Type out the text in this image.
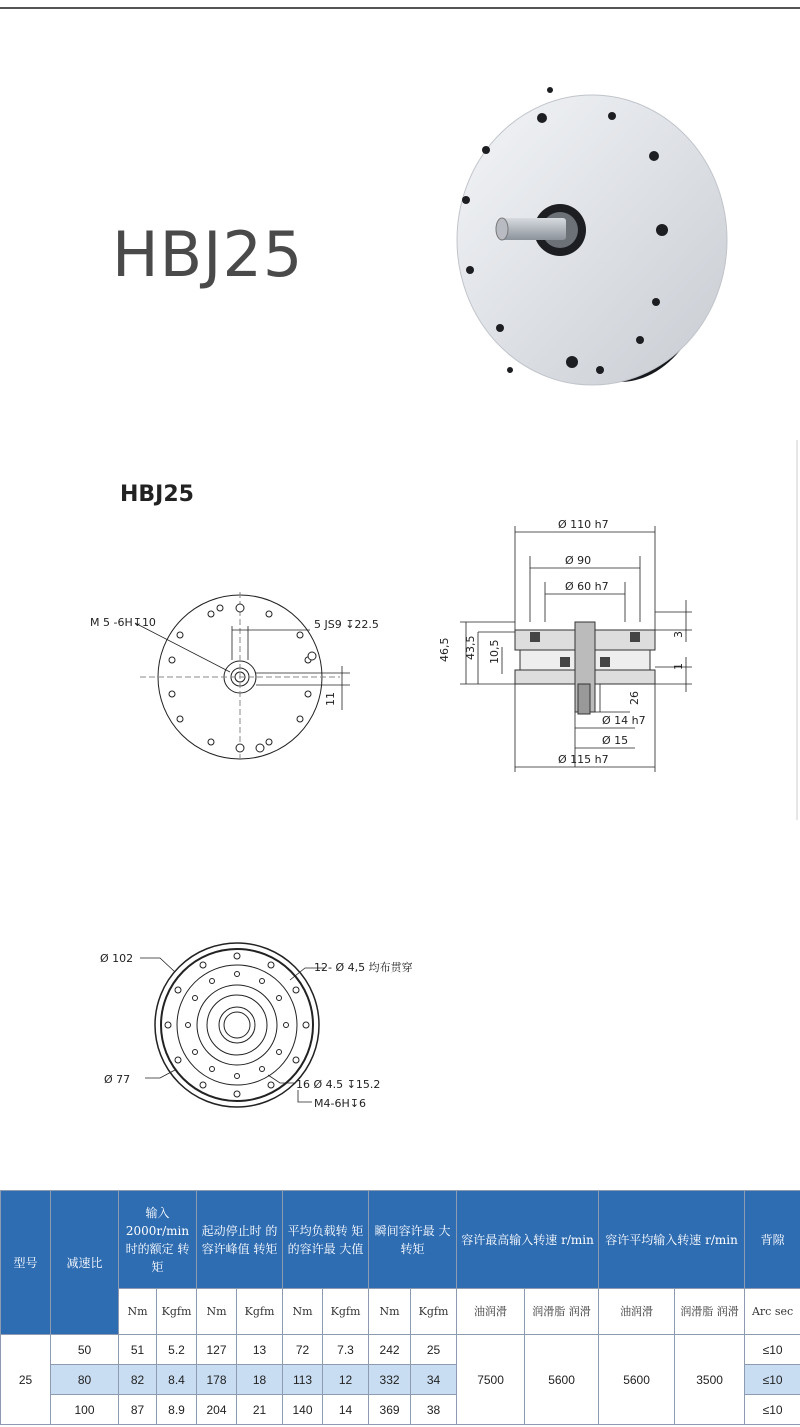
HBJ25
HBJ25
M 5 -6H↧10	5 JS9 ↧22.5
11
Ø 110 h7
Ø 90
Ø 60 h7
46,5 43,5 10,5
3
1
26
Ø 14 h7
Ø 15
Ø 115 h7
Ø 102
12- Ø 4,5 均布贯穿
Ø 77	16 Ø 4.5 ↧15.2
M4-6H↧6
型号	减速比	输入 2000r/min 时的额定 转矩		起动停止时 的容许峰值 转矩		平均负载转 矩的容许最 大值		瞬间容许最 大转矩		容许最高输入转速 r/min		容许平均输入转速 r/min		背隙
		Nm	Kgfm	Nm	Kgfm	Nm	Kgfm	Nm	Kgfm	油润滑	润滑脂 润滑	油润滑	润滑脂 润滑	Arc sec
25	50	51	5.2	127	13	72	7.3	242	25	7500	5600	5600	3500	≤10
	80	82	8.4	178	18	113	12	332	34					≤10
	100	87	8.9	204	21	140	14	369	38					≤10
